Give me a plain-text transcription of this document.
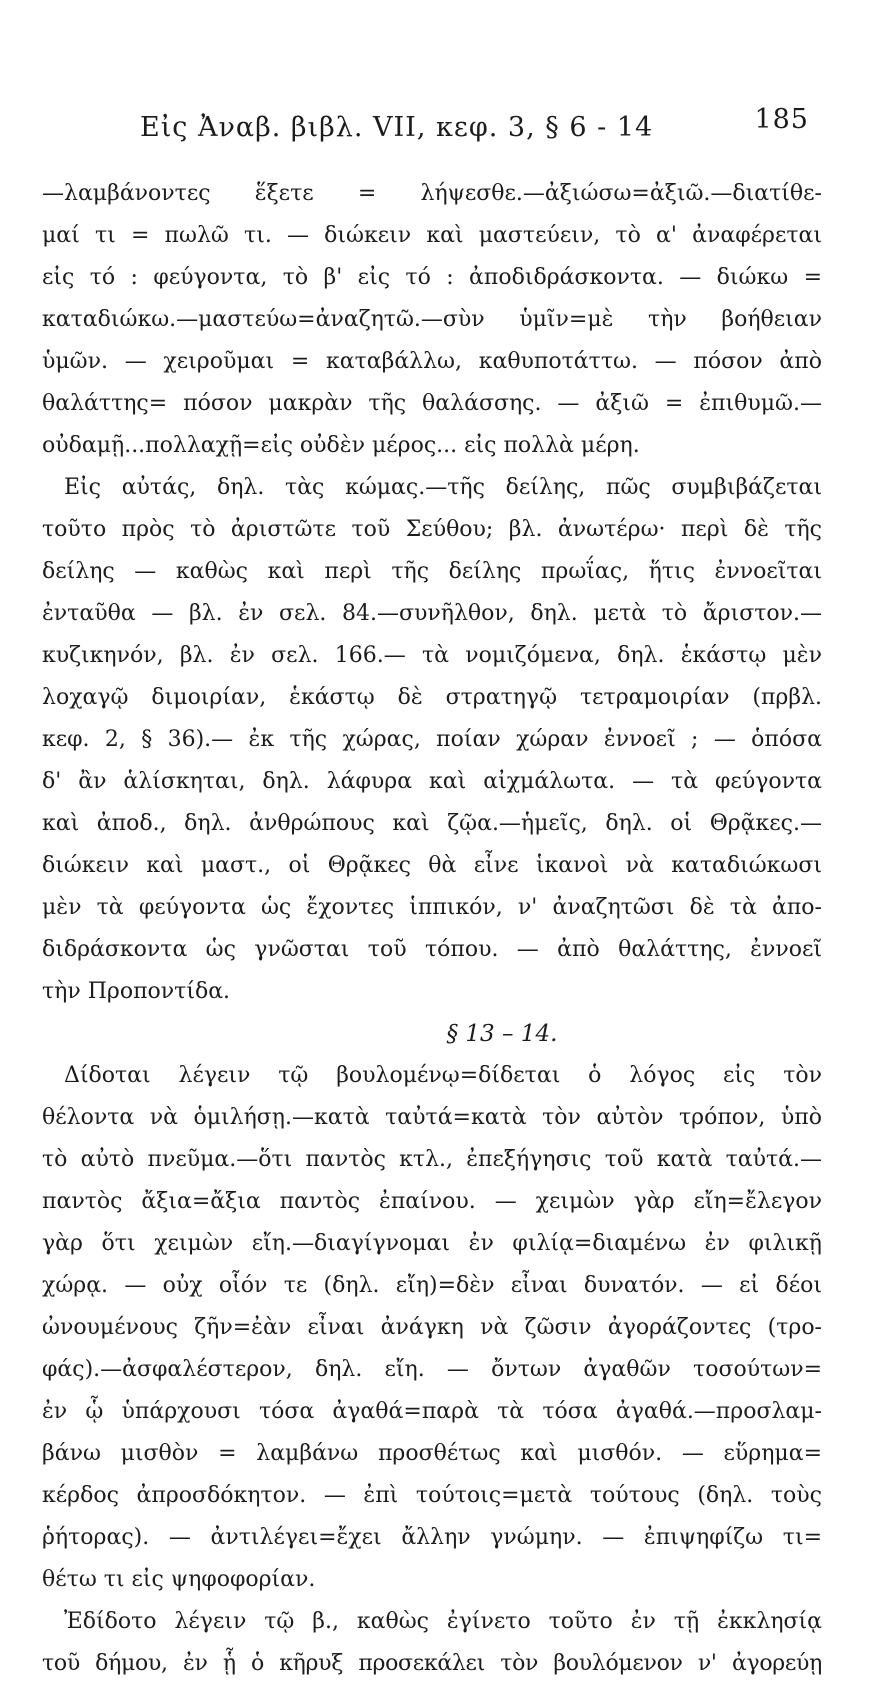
Εἰς Ἀναβ. βιβλ. VII, κεφ. 3, § 6 - 14	185
—λαμβάνοντες ἕξετε = λήψεσθε.—ἀξιώσω=ἀξιῶ.—διατίθε-
μαί τι = πωλῶ τι. — διώκειν καὶ μαστεύειν, τὸ α' ἀναφέρεται
εἰς τό : φεύγοντα, τὸ β' εἰς τό : ἀποδιδράσκοντα. — διώκω =
καταδιώκω.—μαστεύω=ἀναζητῶ.—σὺν ὑμῖν=μὲ τὴν βοήθειαν
ὑμῶν. — χειροῦμαι = καταβάλλω, καθυποτάττω. — πόσον ἀπὸ
θαλάττης= πόσον μακρὰν τῆς θαλάσσης. — ἀξιῶ = ἐπιθυμῶ.—
οὐδαμῇ...πολλαχῇ=εἰς οὐδὲν μέρος... εἰς πολλὰ μέρη.
Εἰς αὐτάς, δηλ. τὰς κώμας.—τῆς δείλης, πῶς συμβιβάζεται
τοῦτο πρὸς τὸ ἀριστῶτε τοῦ Σεύθου; βλ. ἀνωτέρω· περὶ δὲ τῆς
δείλης — καθὼς καὶ περὶ τῆς δείλης πρωΐας, ἥτις ἐννοεῖται
ἐνταῦθα — βλ. ἐν σελ. 84.—συνῆλθον, δηλ. μετὰ τὸ ἄριστον.—
κυζικηνόν, βλ. ἐν σελ. 166.— τὰ νομιζόμενα, δηλ. ἑκάστῳ μὲν
λοχαγῷ διμοιρίαν, ἑκάστῳ δὲ στρατηγῷ τετραμοιρίαν (πρβλ.
κεφ. 2, § 36).— ἐκ τῆς χώρας, ποίαν χώραν ἐννοεῖ ; — ὁπόσα
δ' ἂν ἁλίσκηται, δηλ. λάφυρα καὶ αἰχμάλωτα. — τὰ φεύγοντα
καὶ ἀποδ., δηλ. ἀνθρώπους καὶ ζῷα.—ἡμεῖς, δηλ. οἱ Θρᾷκες.—
διώκειν καὶ μαστ., οἱ Θρᾷκες θὰ εἶνε ἱκανοὶ νὰ καταδιώκωσι
μὲν τὰ φεύγοντα ὡς ἔχοντες ἱππικόν, ν' ἀναζητῶσι δὲ τὰ ἀπο-
διδράσκοντα ὡς γνῶσται τοῦ τόπου. — ἀπὸ θαλάττης, ἐννοεῖ
τὴν Προποντίδα.
§ 13 – 14.
Δίδοται λέγειν τῷ βουλομένῳ=δίδεται ὁ λόγος εἰς τὸν
θέλοντα νὰ ὁμιλήσῃ.—κατὰ ταὐτά=κατὰ τὸν αὐτὸν τρόπον, ὑπὸ
τὸ αὐτὸ πνεῦμα.—ὅτι παντὸς κτλ., ἐπεξήγησις τοῦ κατὰ ταὐτά.—
παντὸς ἄξια=ἄξια παντὸς ἐπαίνου. — χειμὼν γὰρ εἴη=ἔλεγον
γὰρ ὅτι χειμὼν εἴη.—διαγίγνομαι ἐν φιλίᾳ=διαμένω ἐν φιλικῇ
χώρᾳ. — οὐχ οἷόν τε (δηλ. εἴη)=δὲν εἶναι δυνατόν. — εἰ δέοι
ὠνουμένους ζῆν=ἐὰν εἶναι ἀνάγκη νὰ ζῶσιν ἀγοράζοντες (τρο-
φάς).—ἀσφαλέστερον, δηλ. εἴη. — ὄντων ἀγαθῶν τοσούτων=
ἐν ᾧ ὑπάρχουσι τόσα ἀγαθά=παρὰ τὰ τόσα ἀγαθά.—προσλαμ-
βάνω μισθὸν = λαμβάνω προσθέτως καὶ μισθόν. — εὕρημα=
κέρδος ἀπροσδόκητον. — ἐπὶ τούτοις=μετὰ τούτους (δηλ. τοὺς
ῥήτορας). — ἀντιλέγει=ἔχει ἄλλην γνώμην. — ἐπιψηφίζω τι=
θέτω τι εἰς ψηφοφορίαν.
Ἐδίδοτο λέγειν τῷ β., καθὼς ἐγίνετο τοῦτο ἐν τῇ ἐκκλησίᾳ
τοῦ δήμου, ἐν ᾗ ὁ κῆρυξ προσεκάλει τὸν βουλόμενον ν' ἀγορεύῃ
